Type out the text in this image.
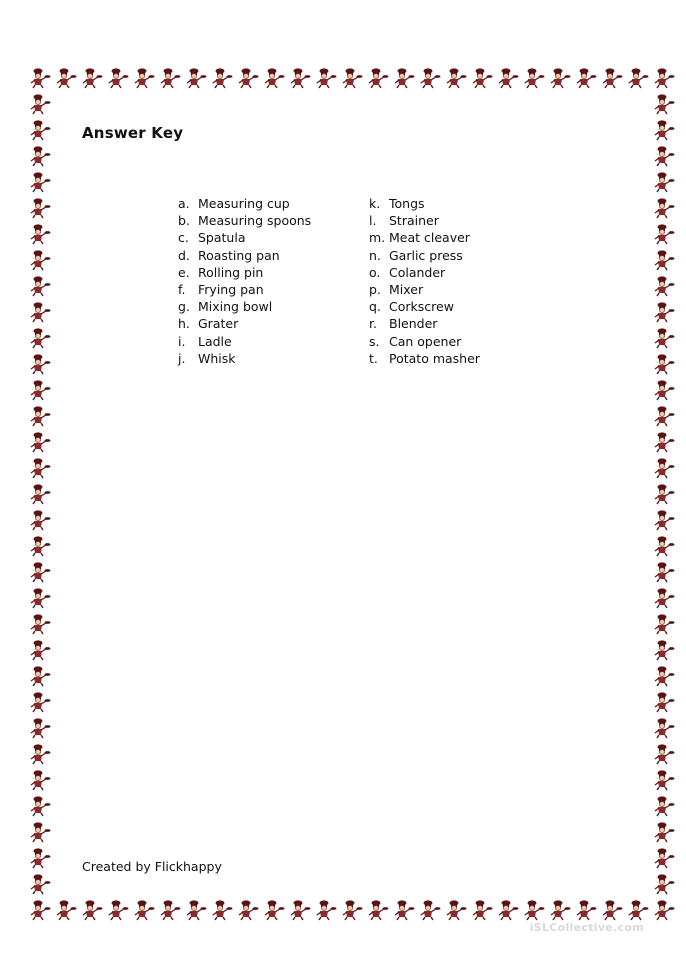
Answer Key
a. Measuring cup
b. Measuring spoons
c. Spatula
d. Roasting pan
e. Rolling pin
f.	Frying pan
g. Mixing bowl
h. Grater
i.	Ladle
j.	Whisk
k. Tongs
l.	Strainer
m. Meat cleaver
n. Garlic press
o. Colander
p. Mixer
q. Corkscrew
r. Blender
s. Can opener
t. Potato masher
Created by Flickhappy
iSLCollective.com
